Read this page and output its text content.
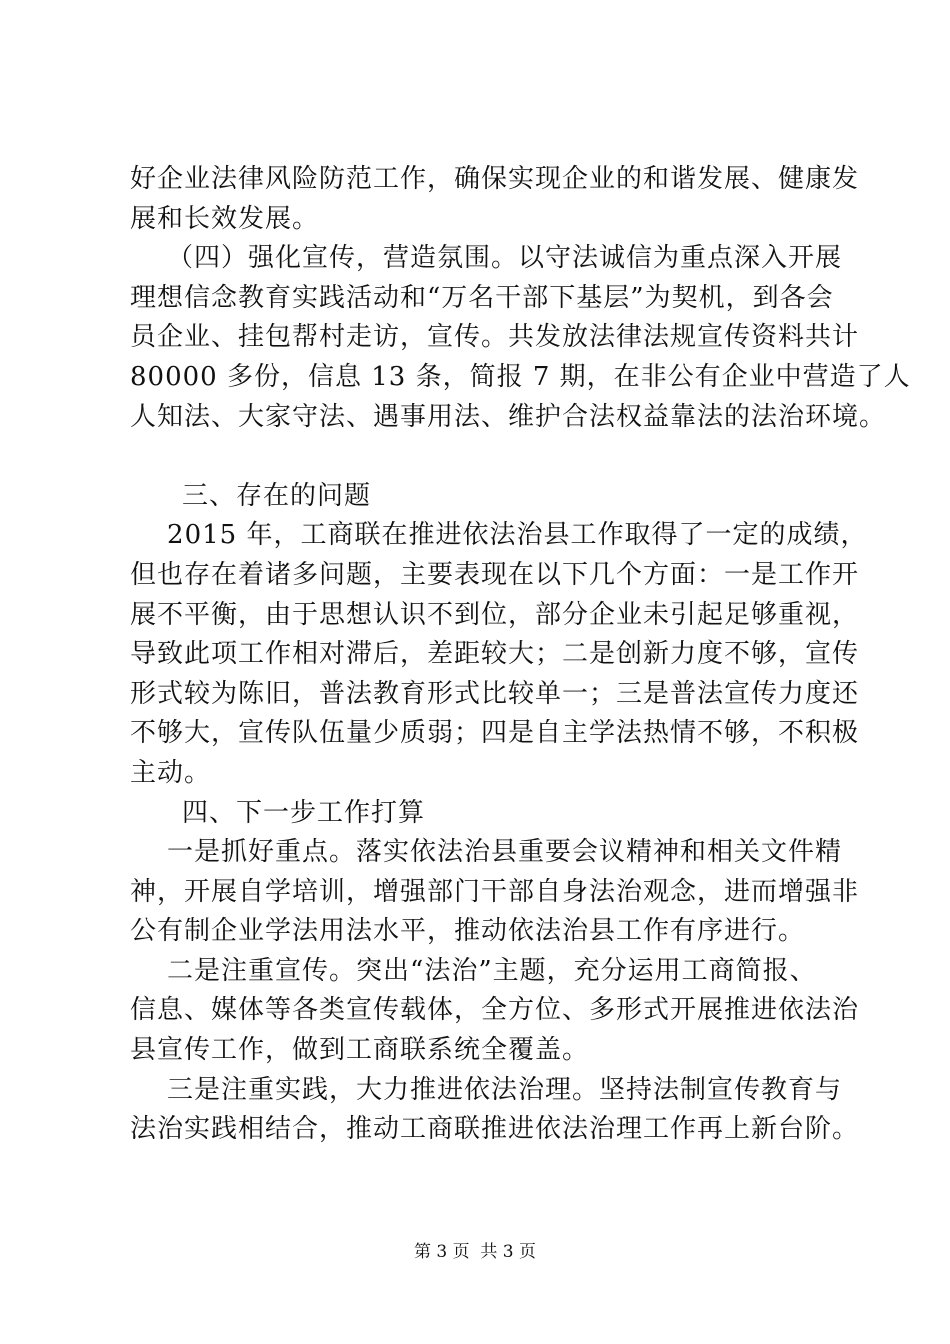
好企业法律风险防范工作，确保实现企业的和谐发展、健康发
展和长效发展。
（四）强化宣传，营造氛围。以守法诚信为重点深入开展
理想信念教育实践活动和“万名干部下基层”为契机，到各会
员企业、挂包帮村走访，宣传。共发放法律法规宣传资料共计
80000 多份，信息 13 条，简报 7 期，在非公有企业中营造了人
人知法、大家守法、遇事用法、维护合法权益靠法的法治环境。
三、存在的问题
2015 年，工商联在推进依法治县工作取得了一定的成绩，
但也存在着诸多问题，主要表现在以下几个方面：一是工作开
展不平衡，由于思想认识不到位，部分企业未引起足够重视，
导致此项工作相对滞后，差距较大；二是创新力度不够，宣传
形式较为陈旧，普法教育形式比较单一；三是普法宣传力度还
不够大，宣传队伍量少质弱；四是自主学法热情不够，不积极
主动。
四、下一步工作打算
一是抓好重点。落实依法治县重要会议精神和相关文件精
神，开展自学培训，增强部门干部自身法治观念，进而增强非
公有制企业学法用法水平，推动依法治县工作有序进行。
二是注重宣传。突出“法治”主题，充分运用工商简报、
信息、媒体等各类宣传载体，全方位、多形式开展推进依法治
县宣传工作，做到工商联系统全覆盖。
三是注重实践，大力推进依法治理。坚持法制宣传教育与
法治实践相结合，推动工商联推进依法治理工作再上新台阶。
第 3 页  共 3 页
